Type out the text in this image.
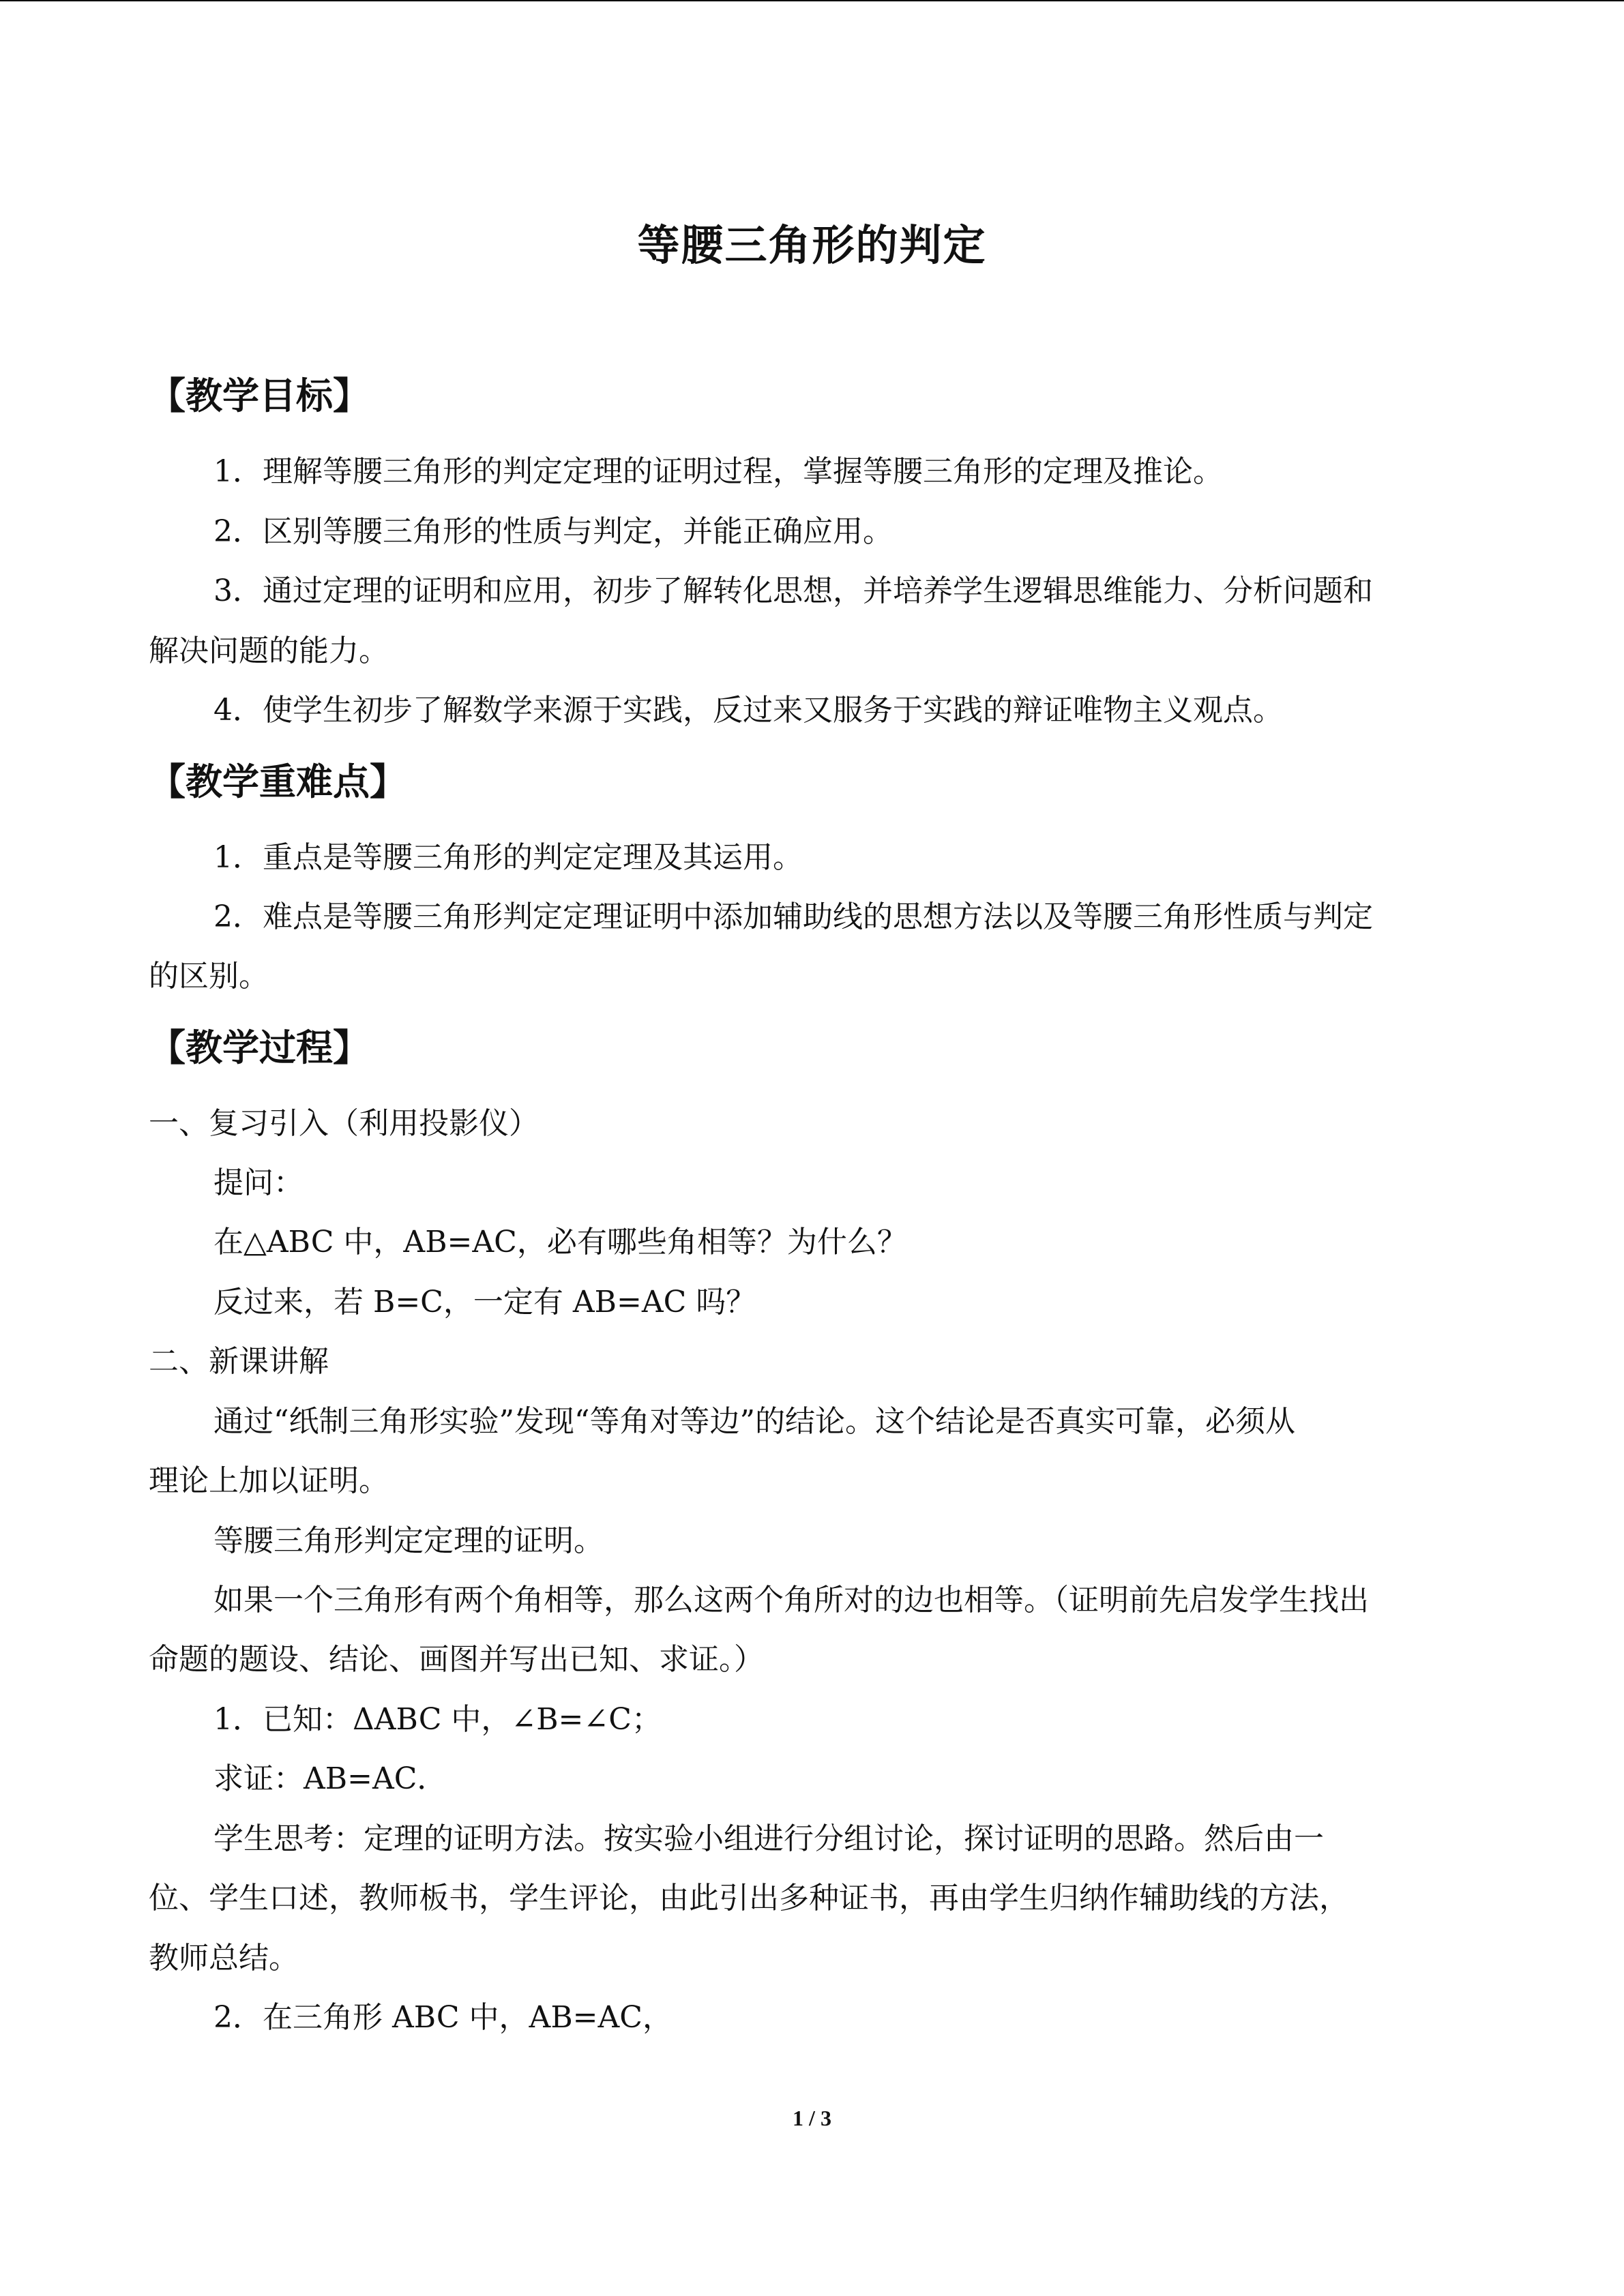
等腰三角形的判定
【教学目标】
1．理解等腰三角形的判定定理的证明过程，掌握等腰三角形的定理及推论。
2．区别等腰三角形的性质与判定，并能正确应用。
3．通过定理的证明和应用，初步了解转化思想，并培养学生逻辑思维能力、分析问题和
解决问题的能力。
4．使学生初步了解数学来源于实践，反过来又服务于实践的辩证唯物主义观点。
【教学重难点】
1．重点是等腰三角形的判定定理及其运用。
2．难点是等腰三角形判定定理证明中添加辅助线的思想方法以及等腰三角形性质与判定
的区别。
【教学过程】
一、复习引入（利用投影仪）
提问：
在△ABC 中，AB=AC，必有哪些角相等？为什么？
反过来，若 B=C，一定有 AB=AC 吗？
二、新课讲解
通过“纸制三角形实验”发现“等角对等边”的结论。这个结论是否真实可靠，必须从
理论上加以证明。
等腰三角形判定定理的证明。
如果一个三角形有两个角相等，那么这两个角所对的边也相等。（证明前先启发学生找出
命题的题设、结论、画图并写出已知、求证。）
1．已知：ΔABC 中，∠B=∠C；
求证：AB=AC．
学生思考：定理的证明方法。按实验小组进行分组讨论，探讨证明的思路。然后由一
位、学生口述，教师板书，学生评论，由此引出多种证书，再由学生归纳作辅助线的方法，
教师总结。
2．在三角形 ABC 中，AB=AC，
1 / 3
